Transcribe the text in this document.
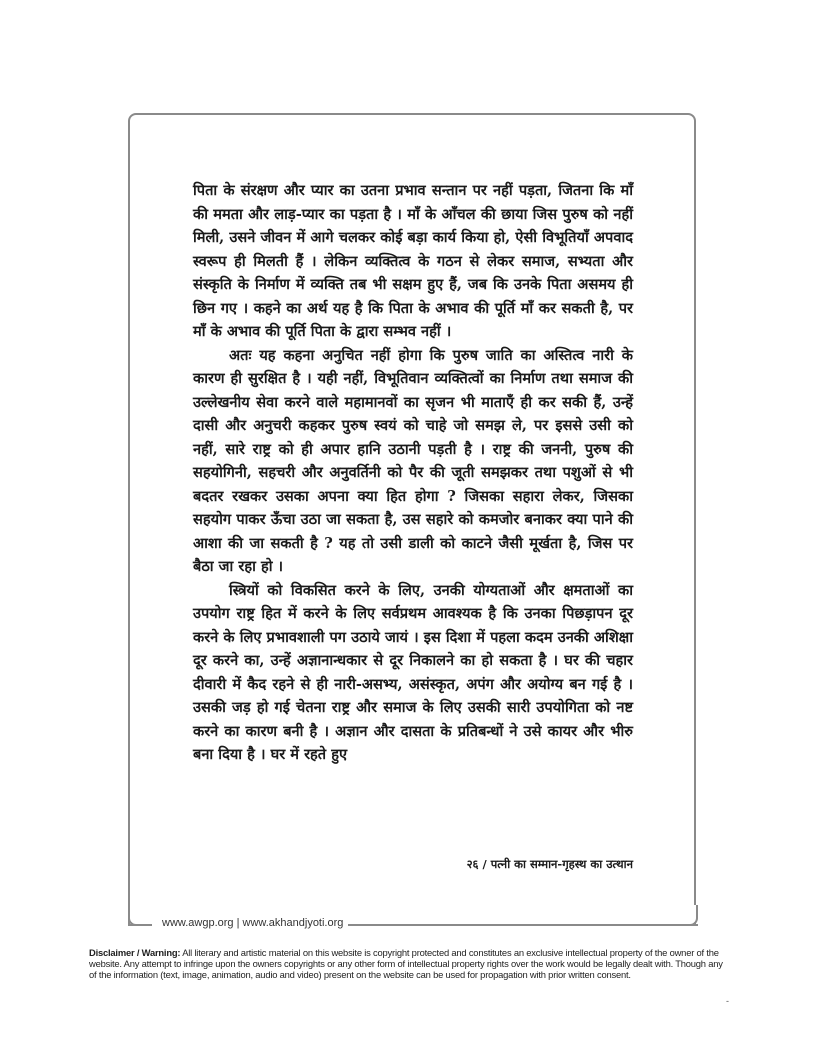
पिता के संरक्षण और प्यार का उतना प्रभाव सन्तान पर नहीं पड़ता, जितना कि माँ की ममता और लाड़-प्यार का पड़ता है । माँ के आँचल की छाया जिस पुरुष को नहीं मिली, उसने जीवन में आगे चलकर कोई बड़ा कार्य किया हो, ऐसी विभूतियाँ अपवाद स्वरूप ही मिलती हैं । लेकिन व्यक्तित्व के गठन से लेकर समाज, सभ्यता और संस्कृति के निर्माण में व्यक्ति तब भी सक्षम हुए हैं, जब कि उनके पिता असमय ही छिन गए । कहने का अर्थ यह है कि पिता के अभाव की पूर्ति माँ कर सकती है, पर माँ के अभाव की पूर्ति पिता के द्वारा सम्भव नहीं ।

अतः यह कहना अनुचित नहीं होगा कि पुरुष जाति का अस्तित्व नारी के कारण ही सुरक्षित है । यही नहीं, विभूतिवान व्यक्तित्वों का निर्माण तथा समाज की उल्लेखनीय सेवा करने वाले महामानवों का सृजन भी माताएँ ही कर सकी हैं, उन्हें दासी और अनुचरी कहकर पुरुष स्वयं को चाहे जो समझ ले, पर इससे उसी को नहीं, सारे राष्ट्र को ही अपार हानि उठानी पड़ती है । राष्ट्र की जननी, पुरुष की सहयोगिनी, सहचरी और अनुवर्तिनी को पैर की जूती समझकर तथा पशुओं से भी बदतर रखकर उसका अपना क्या हित होगा ? जिसका सहारा लेकर, जिसका सहयोग पाकर ऊँचा उठा जा सकता है, उस सहारे को कमजोर बनाकर क्या पाने की आशा की जा सकती है ? यह तो उसी डाली को काटने जैसी मूर्खता है, जिस पर बैठा जा रहा हो ।

स्त्रियों को विकसित करने के लिए, उनकी योग्यताओं और क्षमताओं का उपयोग राष्ट्र हित में करने के लिए सर्वप्रथम आवश्यक है कि उनका पिछड़ापन दूर करने के लिए प्रभावशाली पग उठाये जायं । इस दिशा में पहला कदम उनकी अशिक्षा दूर करने का, उन्हें अज्ञानान्धकार से दूर निकालने का हो सकता है । घर की चहार दीवारी में कैद रहने से ही नारी-असभ्य, असंस्कृत, अपंग और अयोग्य बन गई है । उसकी जड़ हो गई चेतना राष्ट्र और समाज के लिए उसकी सारी उपयोगिता को नष्ट करने का कारण बनी है । अज्ञान और दासता के प्रतिबन्धों ने उसे कायर और भीरु बना दिया है । घर में रहते हुए

२६ / पत्नी का सम्मान-गृहस्थ का उत्थान
www.awgp.org | www.akhandjyoti.org
Disclaimer / Warning: All literary and artistic material on this website is copyright protected and constitutes an exclusive intellectual property of the owner of the website. Any attempt to infringe upon the owners copyrights or any other form of intellectual property rights over the work would be legally dealt with. Though any of the information (text, image, animation, audio and video) present on the website can be used for propagation with prior written consent.
-
